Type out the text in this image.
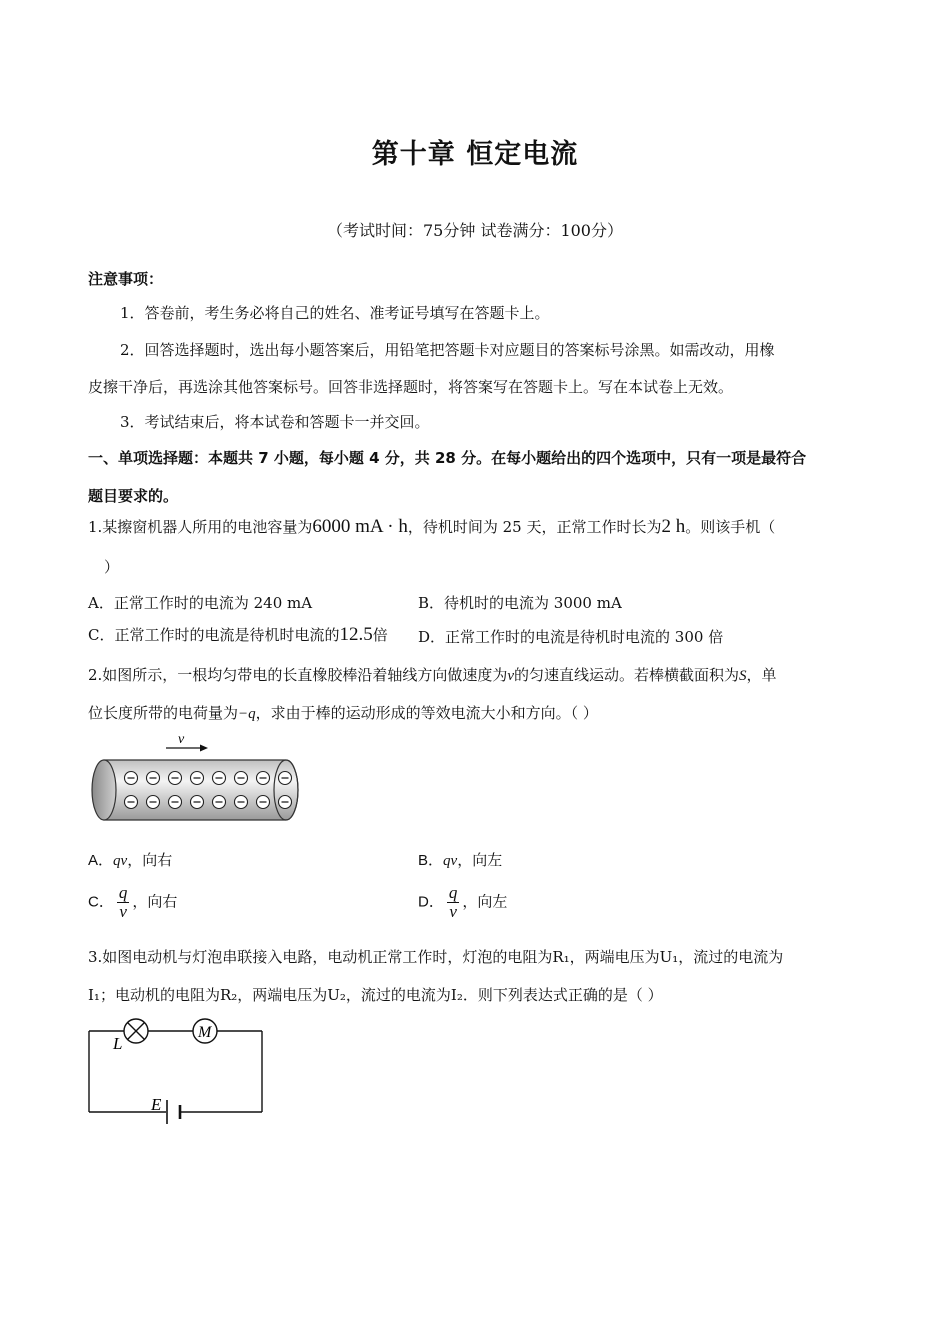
第十章 恒定电流
（考试时间：75分钟 试卷满分：100分）
注意事项：
1．答卷前，考生务必将自己的姓名、准考证号填写在答题卡上。
2．回答选择题时，选出每小题答案后，用铅笔把答题卡对应题目的答案标号涂黑。如需改动，用橡
皮擦干净后，再选涂其他答案标号。回答非选择题时，将答案写在答题卡上。写在本试卷上无效。
3．考试结束后，将本试卷和答题卡一并交回。
一、单项选择题：本题共 7 小题，每小题 4 分，共 28 分。在每小题给出的四个选项中，只有一项是最符合
题目要求的。
1.某擦窗机器人所用的电池容量为6000 mA · h，待机时间为 25 天，正常工作时长为2 h。则该手机（
）
A．正常工作时的电流为 240 mA	B．待机时的电流为 3000 mA
C．正常工作时的电流是待机时电流的12.5倍 D．正常工作时的电流是待机时电流的 300 倍
2.如图所示，一根均匀带电的长直橡胶棒沿着轴线方向做速度为v的匀速直线运动。若棒横截面积为S，单
位长度所带的电荷量为−q，求由于棒的运动形成的等效电流大小和方向。（ ）
v
A．qv，向右	B．qv，向左
C． $\frac{q}{v}$ ，向右	D． $\frac{q}{v}$ ，向左
3.如图电动机与灯泡串联接入电路，电动机正常工作时，灯泡的电阻为R₁，两端电压为U₁，流过的电流为
I₁；电动机的电阻为R₂，两端电压为U₂，流过的电流为I₂．则下列表达式正确的是（ ）
L
M
E
